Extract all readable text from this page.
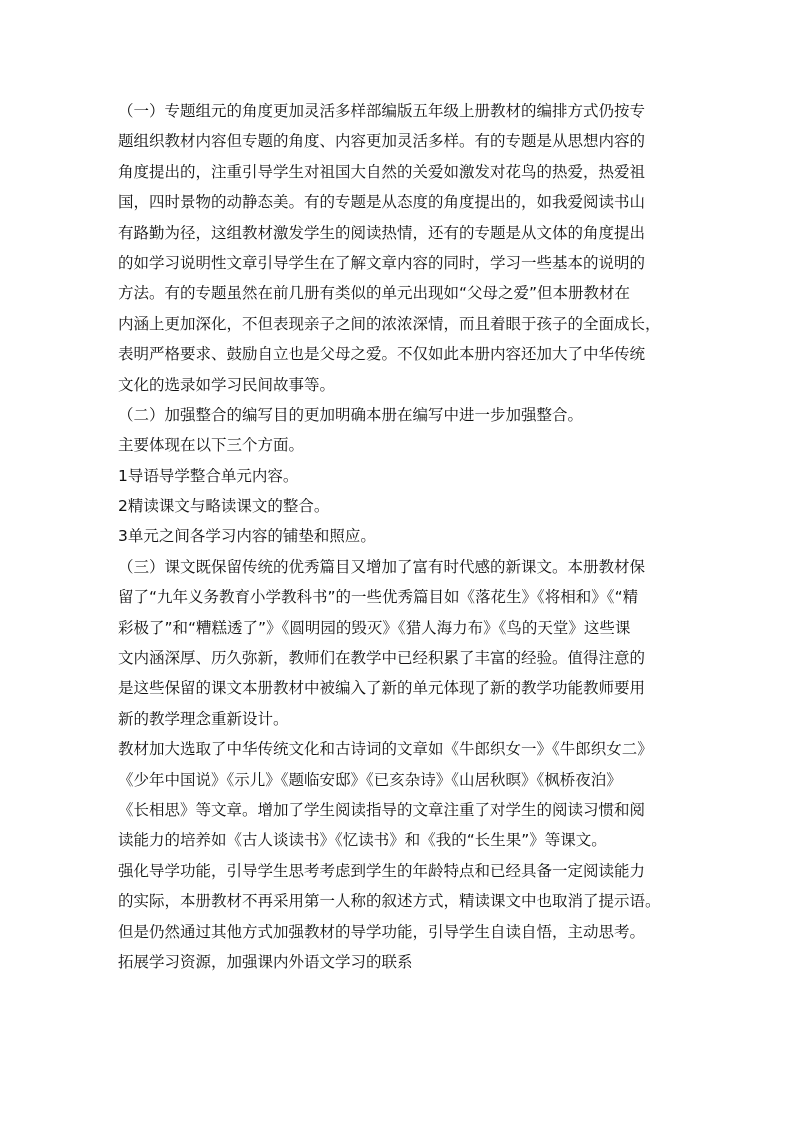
（一）专题组元的角度更加灵活多样部编版五年级上册教材的编排方式仍按专
题组织教材内容但专题的角度、内容更加灵活多样。有的专题是从思想内容的
角度提出的，注重引导学生对祖国大自然的关爱如激发对花鸟的热爱，热爱祖
国，四时景物的动静态美。有的专题是从态度的角度提出的，如我爱阅读书山
有路勤为径，这组教材激发学生的阅读热情，还有的专题是从文体的角度提出
的如学习说明性文章引导学生在了解文章内容的同时，学习一些基本的说明的
方法。有的专题虽然在前几册有类似的单元出现如“父母之爱”但本册教材在
内涵上更加深化，不但表现亲子之间的浓浓深情，而且着眼于孩子的全面成长，
表明严格要求、鼓励自立也是父母之爱。不仅如此本册内容还加大了中华传统
文化的选录如学习民间故事等。
（二）加强整合的编写目的更加明确本册在编写中进一步加强整合。
主要体现在以下三个方面。
1导语导学整合单元内容。
2精读课文与略读课文的整合。
3单元之间各学习内容的铺垫和照应。
（三）课文既保留传统的优秀篇目又增加了富有时代感的新课文。本册教材保
留了“九年义务教育小学教科书”的一些优秀篇目如《落花生》《将相和》《“精
彩极了”和“糟糕透了”》《圆明园的毁灭》《猎人海力布》《鸟的天堂》这些课
文内涵深厚、历久弥新，教师们在教学中已经积累了丰富的经验。值得注意的
是这些保留的课文本册教材中被编入了新的单元体现了新的教学功能教师要用
新的教学理念重新设计。
教材加大选取了中华传统文化和古诗词的文章如《牛郎织女一》《牛郎织女二》
《少年中国说》《示儿》《题临安邸》《已亥杂诗》《山居秋暝》《枫桥夜泊》
《长相思》等文章。增加了学生阅读指导的文章注重了对学生的阅读习惯和阅
读能力的培养如《古人谈读书》《忆读书》和《我的“长生果”》等课文。
强化导学功能，引导学生思考考虑到学生的年龄特点和已经具备一定阅读能力
的实际，本册教材不再采用第一人称的叙述方式，精读课文中也取消了提示语。
但是仍然通过其他方式加强教材的导学功能，引导学生自读自悟，主动思考。
拓展学习资源，加强课内外语文学习的联系
